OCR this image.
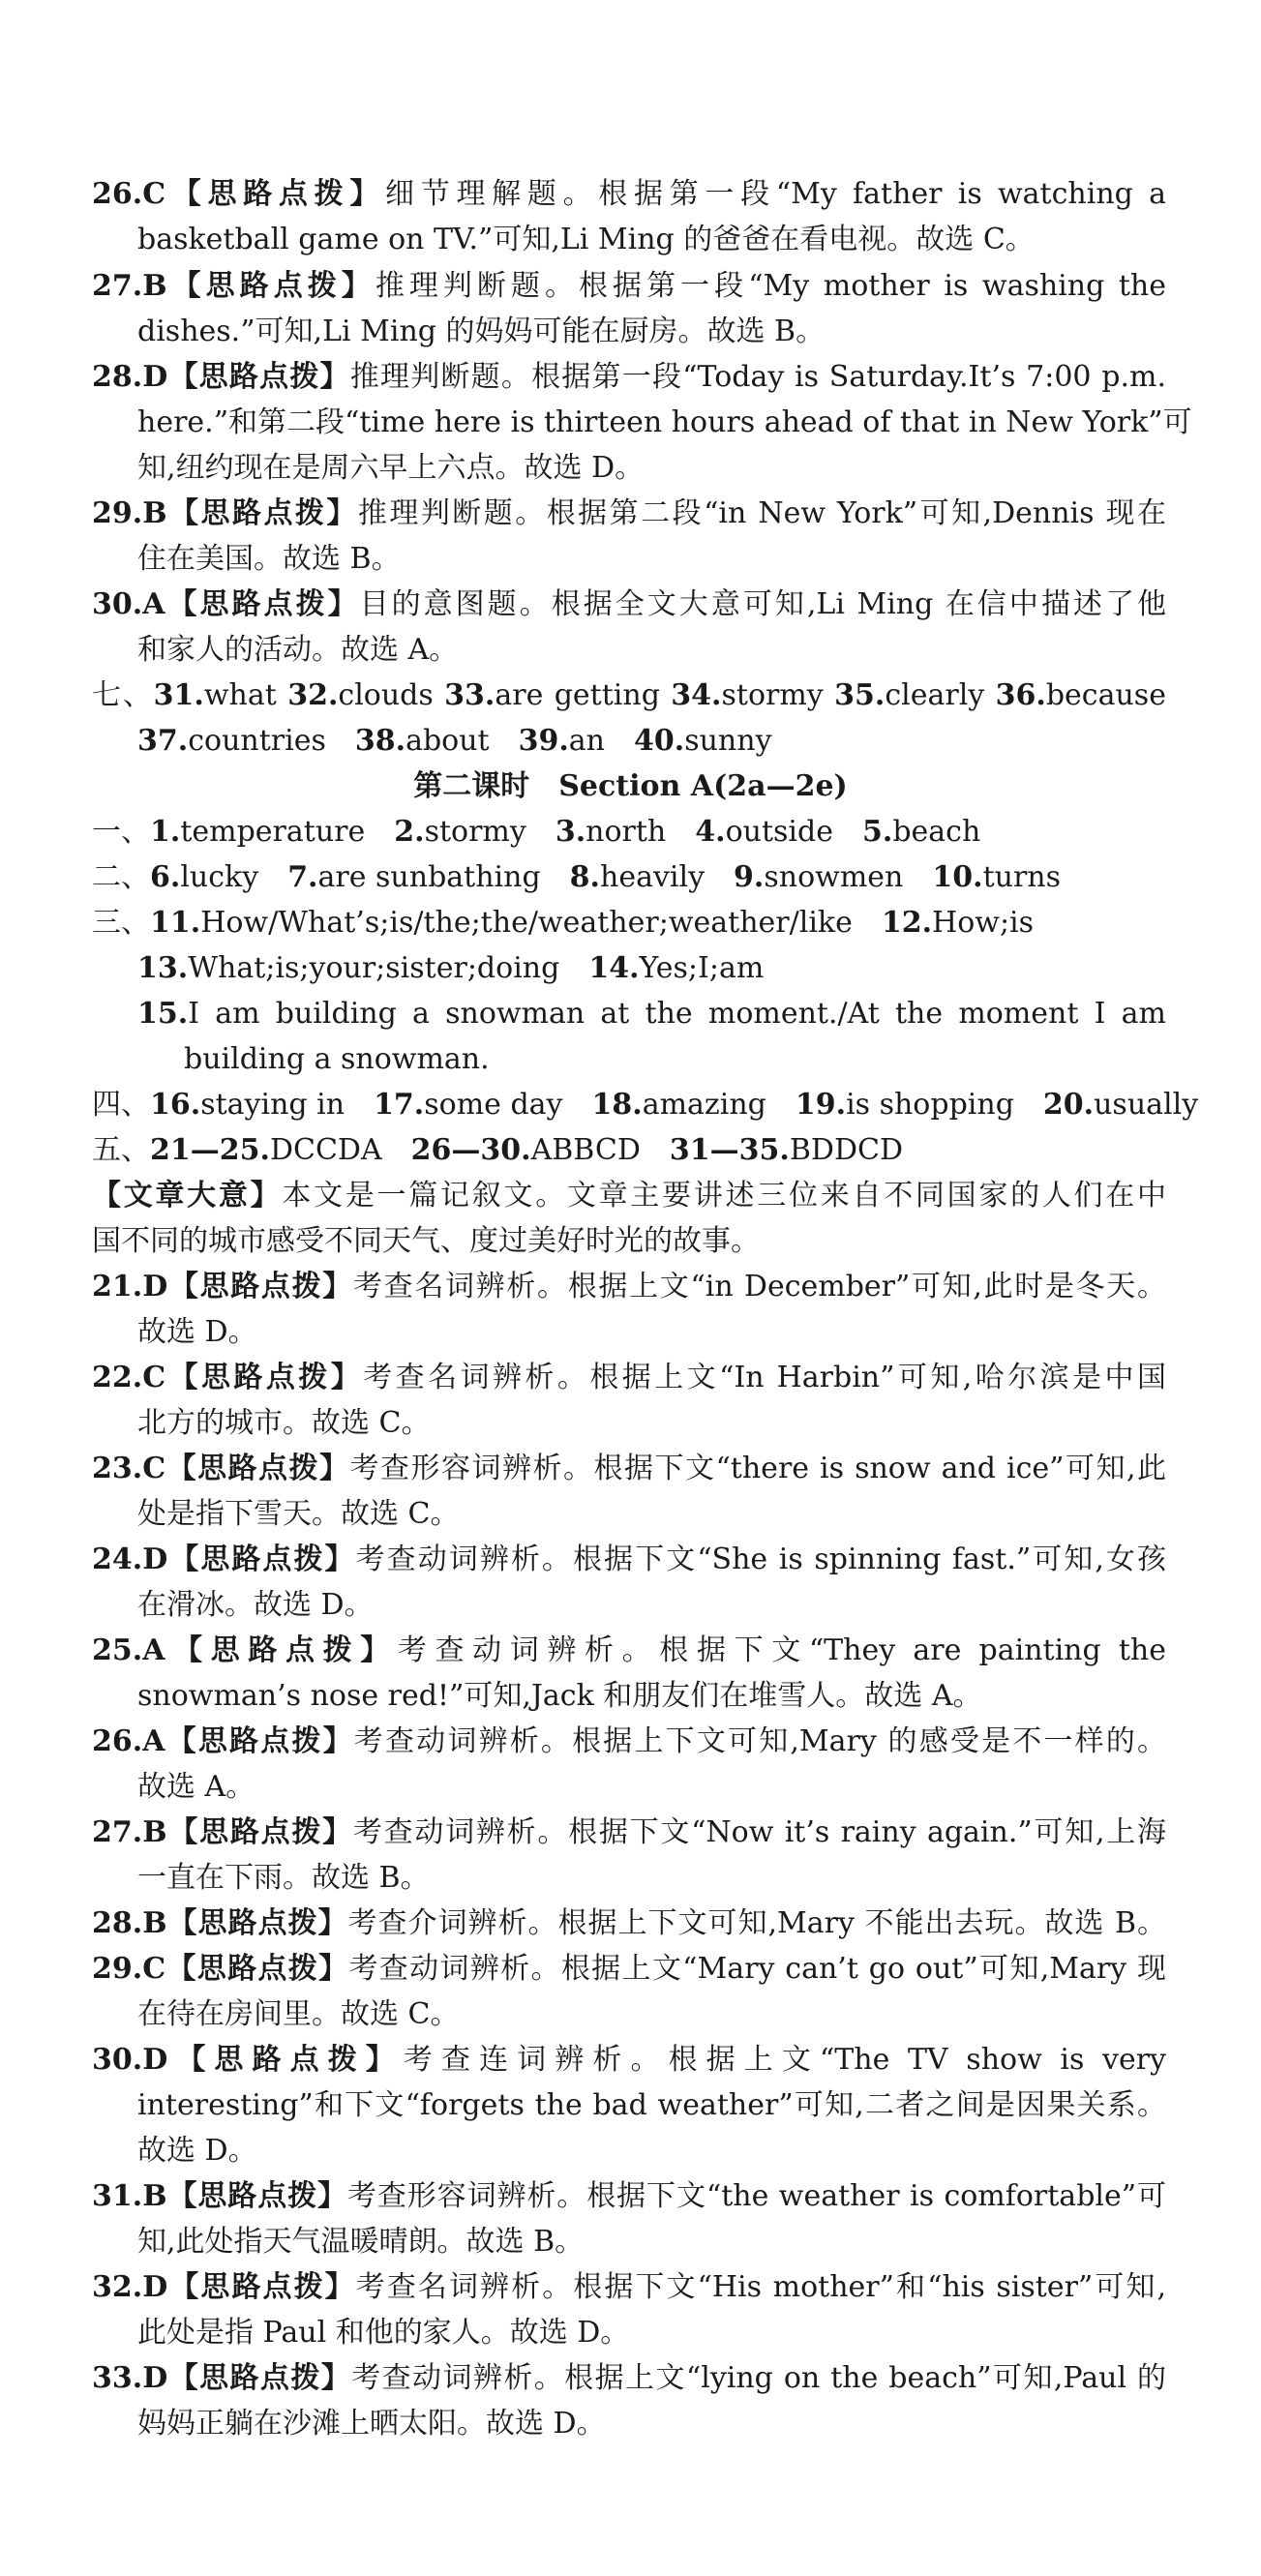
26.C【思路点拨】细节理解题。根据第一段“My father is watching a
basketball game on TV.”可知,Li Ming 的爸爸在看电视。故选 C。
27.B【思路点拨】推理判断题。根据第一段“My mother is washing the
dishes.”可知,Li Ming 的妈妈可能在厨房。故选 B。
28.D【思路点拨】推理判断题。根据第一段“Today is Saturday.It’s 7:00 p.m.
here.”和第二段“time here is thirteen hours ahead of that in New York”可
知,纽约现在是周六早上六点。故选 D。
29.B【思路点拨】推理判断题。根据第二段“in New York”可知,Dennis 现在
住在美国。故选 B。
30.A【思路点拨】目的意图题。根据全文大意可知,Li Ming 在信中描述了他
和家人的活动。故选 A。
七、31.what 32.clouds 33.are getting 34.stormy 35.clearly 36.because
37.countries 38.about 39.an 40.sunny
第二课时　Section A(2a—2e)
一、1.temperature 2.stormy 3.north 4.outside 5.beach
二、6.lucky 7.are sunbathing 8.heavily 9.snowmen 10.turns
三、11.How/What’s;is/the;the/weather;weather/like 12.How;is
13.What;is;your;sister;doing 14.Yes;I;am
15.I am building a snowman at the moment./At the moment I am
building a snowman.
四、16.staying in 17.some day 18.amazing 19.is shopping 20.usually
五、21—25.DCCDA 26—30.ABBCD 31—35.BDDCD
【文章大意】本文是一篇记叙文。文章主要讲述三位来自不同国家的人们在中
国不同的城市感受不同天气、度过美好时光的故事。
21.D【思路点拨】考查名词辨析。根据上文“in December”可知,此时是冬天。
故选 D。
22.C【思路点拨】考查名词辨析。根据上文“In Harbin”可知,哈尔滨是中国
北方的城市。故选 C。
23.C【思路点拨】考查形容词辨析。根据下文“there is snow and ice”可知,此
处是指下雪天。故选 C。
24.D【思路点拨】考查动词辨析。根据下文“She is spinning fast.”可知,女孩
在滑冰。故选 D。
25.A【思路点拨】考查动词辨析。根据下文“They are painting the
snowman’s nose red!”可知,Jack 和朋友们在堆雪人。故选 A。
26.A【思路点拨】考查动词辨析。根据上下文可知,Mary 的感受是不一样的。
故选 A。
27.B【思路点拨】考查动词辨析。根据下文“Now it’s rainy again.”可知,上海
一直在下雨。故选 B。
28.B【思路点拨】考查介词辨析。根据上下文可知,Mary 不能出去玩。故选 B。
29.C【思路点拨】考查动词辨析。根据上文“Mary can’t go out”可知,Mary 现
在待在房间里。故选 C。
30.D【思路点拨】考查连词辨析。根据上文“The TV show is very
interesting”和下文“forgets the bad weather”可知,二者之间是因果关系。
故选 D。
31.B【思路点拨】考查形容词辨析。根据下文“the weather is comfortable”可
知,此处指天气温暖晴朗。故选 B。
32.D【思路点拨】考查名词辨析。根据下文“His mother”和“his sister”可知,
此处是指 Paul 和他的家人。故选 D。
33.D【思路点拨】考查动词辨析。根据上文“lying on the beach”可知,Paul 的
妈妈正躺在沙滩上晒太阳。故选 D。
